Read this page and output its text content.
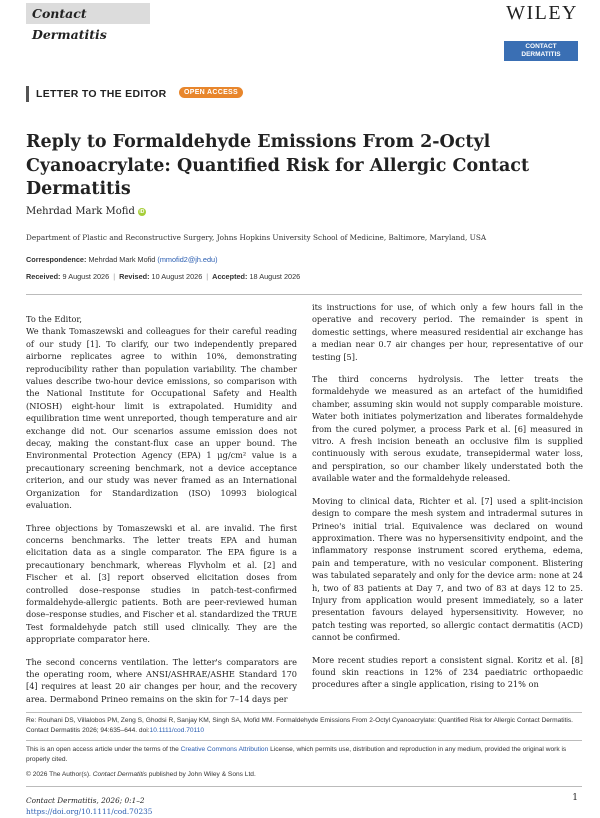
Contact Dermatitis
WILEY
CONTACT
DERMATITIS
LETTER TO THE EDITOR	OPEN ACCESS
Reply to Formaldehyde Emissions From 2-Octyl Cyanoacrylate: Quantified Risk for Allergic Contact Dermatitis
Mehrdad Mark Mofid iD
Department of Plastic and Reconstructive Surgery, Johns Hopkins University School of Medicine, Baltimore, Maryland, USA
Correspondence: Mehrdad Mark Mofid (mmofid2@jh.edu)
Received: 9 August 2026 | Revised: 10 August 2026 | Accepted: 18 August 2026

To the Editor,

We thank Tomaszewski and colleagues for their careful reading of our study [1]. To clarify, our two independently prepared airborne replicates agree to within 10%, demonstrating reproducibility rather than population variability. The chamber values describe two-hour device emissions, so comparison with the National Institute for Occupational Safety and Health (NIOSH) eight-hour limit is extrapolated. Humidity and equilibration time went unreported, though temperature and air exchange did not. Our scenarios assume emission does not decay, making the constant-flux case an upper bound. The Environmental Protection Agency (EPA) 1 μg/cm² value is a precautionary screening benchmark, not a device acceptance criterion, and our study was never framed as an International Organization for Standardization (ISO) 10993 biological evaluation.

Three objections by Tomaszewski et al. are invalid. The first concerns benchmarks. The letter treats EPA and human elicitation data as a single comparator. The EPA figure is a precautionary benchmark, whereas Flyvholm et al. [2] and Fischer et al. [3] report observed elicitation doses from controlled dose–response studies in patch-test-confirmed formaldehyde-allergic patients. Both are peer-reviewed human dose–response studies, and Fischer et al. standardized the TRUE Test formaldehyde patch still used clinically. They are the appropriate comparator here.

The second concerns ventilation. The letter's comparators are the operating room, where ANSI/ASHRAE/ASHE Standard 170 [4] requires at least 20 air changes per hour, and the recovery area. Dermabond Prineo remains on the skin for 7–14 days per

its instructions for use, of which only a few hours fall in the operative and recovery period. The remainder is spent in domestic settings, where measured residential air exchange has a median near 0.7 air changes per hour, representative of our testing [5].

The third concerns hydrolysis. The letter treats the formaldehyde we measured as an artefact of the humidified chamber, assuming skin would not supply comparable moisture. Water both initiates polymerization and liberates formaldehyde from the cured polymer, a process Park et al. [6] measured in vitro. A fresh incision beneath an occlusive film is supplied continuously with serous exudate, transepidermal water loss, and perspiration, so our chamber likely understated both the available water and the formaldehyde released.

Moving to clinical data, Richter et al. [7] used a split-incision design to compare the mesh system and intradermal sutures in Prineo's initial trial. Equivalence was declared on wound approximation. There was no hypersensitivity endpoint, and the inflammatory response instrument scored erythema, edema, pain and temperature, with no vesicular component. Blistering was tabulated separately and only for the device arm: none at 24 h, two of 83 patients at Day 7, and two of 83 at days 12 to 25. Injury from application would present immediately, so a later presentation favours delayed hypersensitivity. However, no patch testing was reported, so allergic contact dermatitis (ACD) cannot be confirmed.

More recent studies report a consistent signal. Koritz et al. [8] found skin reactions in 12% of 234 paediatric orthopaedic procedures after a single application, rising to 21% on

Re: Rouhani DS, Villalobos PM, Zeng S, Ghodsi R, Sanjay KM, Singh SA, Mofid MM. Formaldehyde Emissions From 2-Octyl Cyanoacrylate: Quantified Risk for Allergic Contact Dermatitis. Contact Dermatitis 2026; 94:635–644. doi:10.1111/cod.70110
This is an open access article under the terms of the Creative Commons Attribution License, which permits use, distribution and reproduction in any medium, provided the original work is properly cited.
© 2026 The Author(s). Contact Dermatitis published by John Wiley & Sons Ltd.
Contact Dermatitis, 2026; 0:1–2
https://doi.org/10.1111/cod.70235
1
